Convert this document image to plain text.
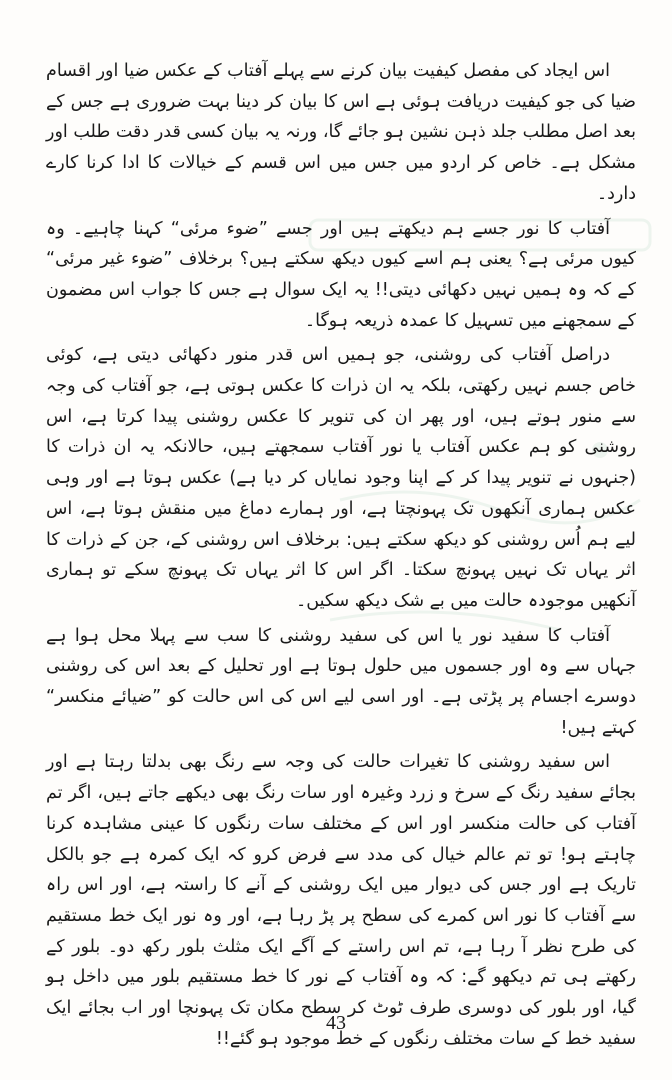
اس ایجاد کی مفصل کیفیت بیان کرنے سے پہلے آفتاب کے عکس ضیا اور اقسام ضیا کی جو کیفیت دریافت ہوئی ہے اس کا بیان کر دینا بہت ضروری ہے جس کے بعد اصل مطلب جلد ذہن نشین ہو جائے گا، ورنہ یہ بیان کسی قدر دقت طلب اور مشکل ہے۔ خاص کر اردو میں جس میں اس قسم کے خیالات کا ادا کرنا کارے دارد۔

آفتاب کا نور جسے ہم دیکھتے ہیں اور جسے ”ضوء مرئی“ کہنا چاہیے۔ وہ کیوں مرئی ہے؟ یعنی ہم اسے کیوں دیکھ سکتے ہیں؟ برخلاف ”ضوء غیر مرئی“ کے کہ وہ ہمیں نہیں دکھائی دیتی!! یہ ایک سوال ہے جس کا جواب اس مضمون کے سمجھنے میں تسہیل کا عمدہ ذریعہ ہوگا۔

دراصل آفتاب کی روشنی، جو ہمیں اس قدر منور دکھائی دیتی ہے، کوئی خاص جسم نہیں رکھتی، بلکہ یہ ان ذرات کا عکس ہوتی ہے، جو آفتاب کی وجہ سے منور ہوتے ہیں، اور پھر ان کی تنویر کا عکس روشنی پیدا کرتا ہے، اس روشنی کو ہم عکس آفتاب یا نور آفتاب سمجھتے ہیں، حالانکہ یہ ان ذرات کا (جنہوں نے تنویر پیدا کر کے اپنا وجود نمایاں کر دیا ہے) عکس ہوتا ہے اور وہی عکس ہماری آنکھوں تک پہونچتا ہے، اور ہمارے دماغ میں منقش ہوتا ہے، اس لیے ہم اُس روشنی کو دیکھ سکتے ہیں: برخلاف اس روشنی کے، جن کے ذرات کا اثر یہاں تک نہیں پہونچ سکتا۔ اگر اس کا اثر یہاں تک پہونچ سکے تو ہماری آنکھیں موجودہ حالت میں بے شک دیکھ سکیں۔

آفتاب کا سفید نور یا اس کی سفید روشنی کا سب سے پہلا محل ہوا ہے جہاں سے وہ اور جسموں میں حلول ہوتا ہے اور تحلیل کے بعد اس کی روشنی دوسرے اجسام پر پڑتی ہے۔ اور اسی لیے اس کی اس حالت کو ”ضیائے منکسر“ کہتے ہیں!

اس سفید روشنی کا تغیرات حالت کی وجہ سے رنگ بھی بدلتا رہتا ہے اور بجائے سفید رنگ کے سرخ و زرد وغیرہ اور سات رنگ بھی دیکھے جاتے ہیں، اگر تم آفتاب کی حالت منکسر اور اس کے مختلف سات رنگوں کا عینی مشاہدہ کرنا چاہتے ہو! تو تم عالم خیال کی مدد سے فرض کرو کہ ایک کمرہ ہے جو بالکل تاریک ہے اور جس کی دیوار میں ایک روشنی کے آنے کا راستہ ہے، اور اس راہ سے آفتاب کا نور اس کمرے کی سطح پر پڑ رہا ہے، اور وہ نور ایک خط مستقیم کی طرح نظر آ رہا ہے، تم اس راستے کے آگے ایک مثلث بلور رکھ دو۔ بلور کے رکھتے ہی تم دیکھو گے: کہ وہ آفتاب کے نور کا خط مستقیم بلور میں داخل ہو گیا، اور بلور کی دوسری طرف ٹوٹ کر سطح مکان تک پہونچا اور اب بجائے ایک سفید خط کے سات مختلف رنگوں کے خط موجود ہو گئے!!

43
